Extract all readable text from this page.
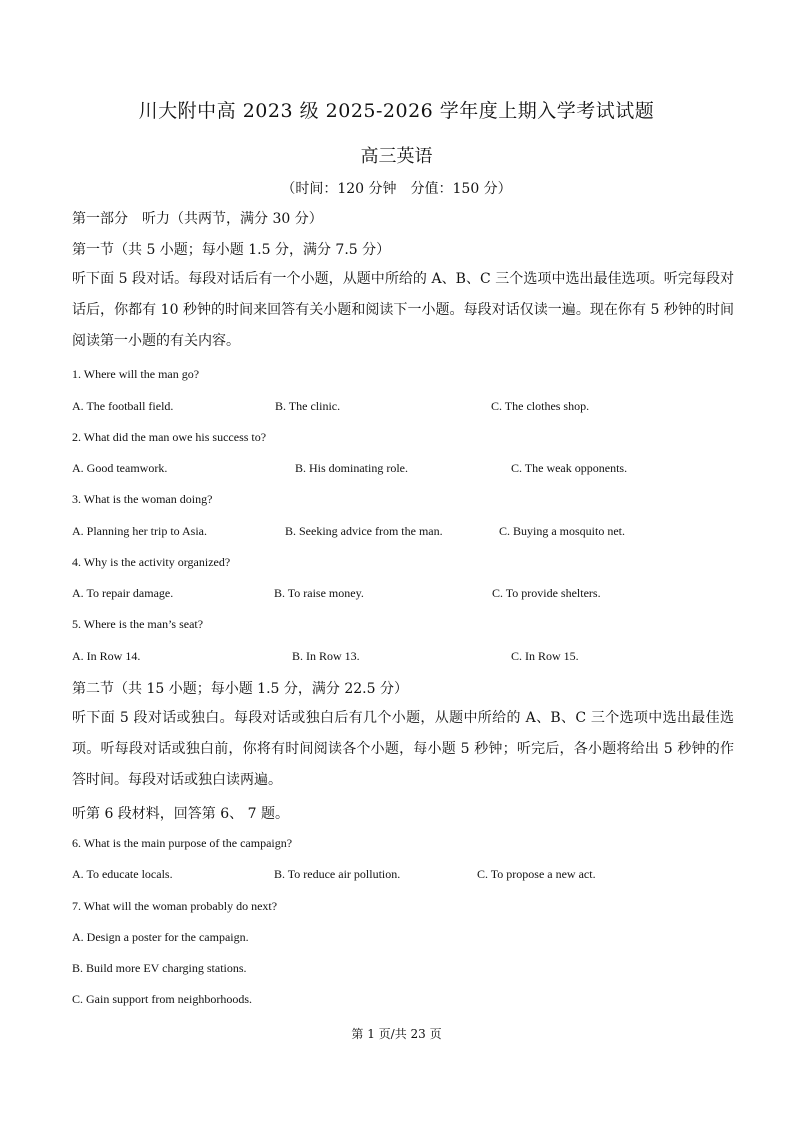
川大附中高 2023 级 2025-2026 学年度上期入学考试试题
高三英语
（时间：120 分钟　分值：150 分）
第一部分　听力（共两节，满分 30 分）
第一节（共 5 小题；每小题 1.5 分，满分 7.5 分）
听下面 5 段对话。每段对话后有一个小题，从题中所给的 A、B、C 三个选项中选出最佳选项。听完每段对话后，你都有 10 秒钟的时间来回答有关小题和阅读下一小题。每段对话仅读一遍。现在你有 5 秒钟的时间阅读第一小题的有关内容。
1. Where will the man go?
A. The football field.	B. The clinic.	C. The clothes shop.
2. What did the man owe his success to?
A. Good teamwork.	B. His dominating role.	C. The weak opponents.
3. What is the woman doing?
A. Planning her trip to Asia.	B. Seeking advice from the man.	C. Buying a mosquito net.
4. Why is the activity organized?
A. To repair damage.	B. To raise money.	C. To provide shelters.
5. Where is the man’s seat?
A. In Row 14.	B. In Row 13.	C. In Row 15.
第二节（共 15 小题；每小题 1.5 分，满分 22.5 分）
听下面 5 段对话或独白。每段对话或独白后有几个小题，从题中所给的 A、B、C 三个选项中选出最佳选项。听每段对话或独白前，你将有时间阅读各个小题，每小题 5 秒钟；听完后，各小题将给出 5 秒钟的作答时间。每段对话或独白读两遍。
听第 6 段材料，回答第 6、 7 题。
6. What is the main purpose of the campaign?
A. To educate locals.	B. To reduce air pollution.	C. To propose a new act.
7. What will the woman probably do next?
A. Design a poster for the campaign.
B. Build more EV charging stations.
C. Gain support from neighborhoods.
第 1 页/共 23 页
